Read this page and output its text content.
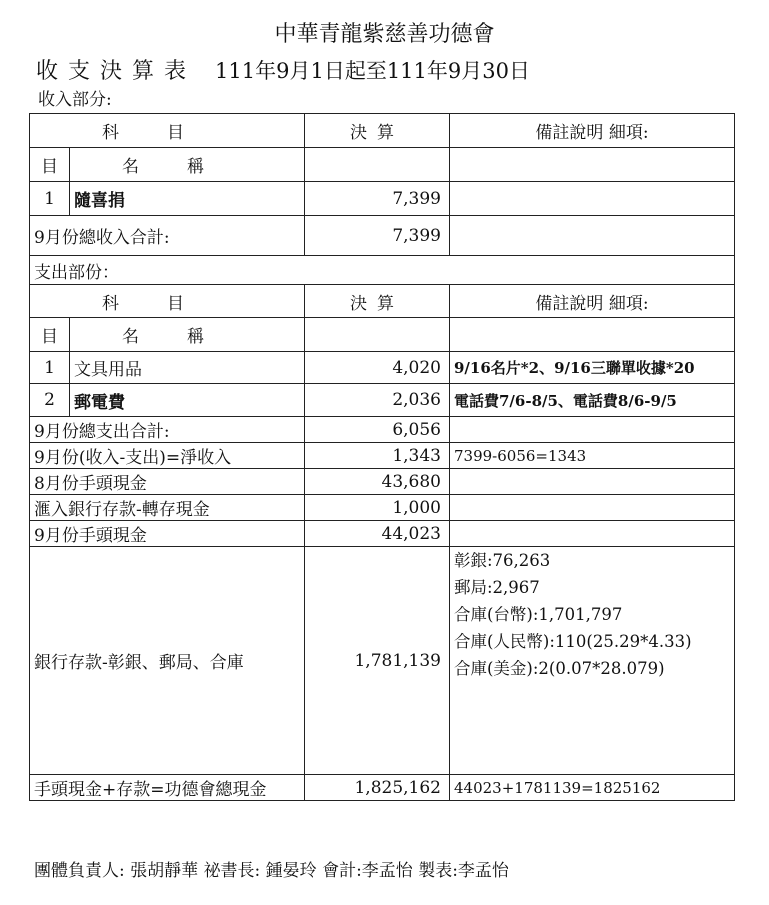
中華青龍紫慈善功德會
收支決算表 111年9月1日起至111年9月30日
收入部分:
科目		決算	備註說明 細項:
目	名稱		
1	隨喜捐	7,399	
9月份總收入合計:		7,399	
支出部份：			
科目		決算	備註說明 細項:
目	名稱		
1	文具用品	4,020	9/16名片*2、9/16三聯單收據*20
2	郵電費	2,036	電話費7/6-8/5、電話費8/6-9/5
9月份總支出合計:		6,056	
9月份(收入-支出)=淨收入		1,343	7399-6056=1343
8月份手頭現金		43,680	
滙入銀行存款-轉存現金		1,000	
9月份手頭現金		44,023	
銀行存款-彰銀、郵局、合庫		1,781,139	彰銀:76,263
郵局:2,967
合庫(台幣):1,701,797
合庫(人民幣):110(25.29*4.33)
合庫(美金):2(0.07*28.079)

手頭現金+存款=功德會總現金		1,825,162	44023+1781139=1825162
團體負責人: 張胡靜華 祕書長: 鍾晏玲 會計:李孟怡 製表:李孟怡
